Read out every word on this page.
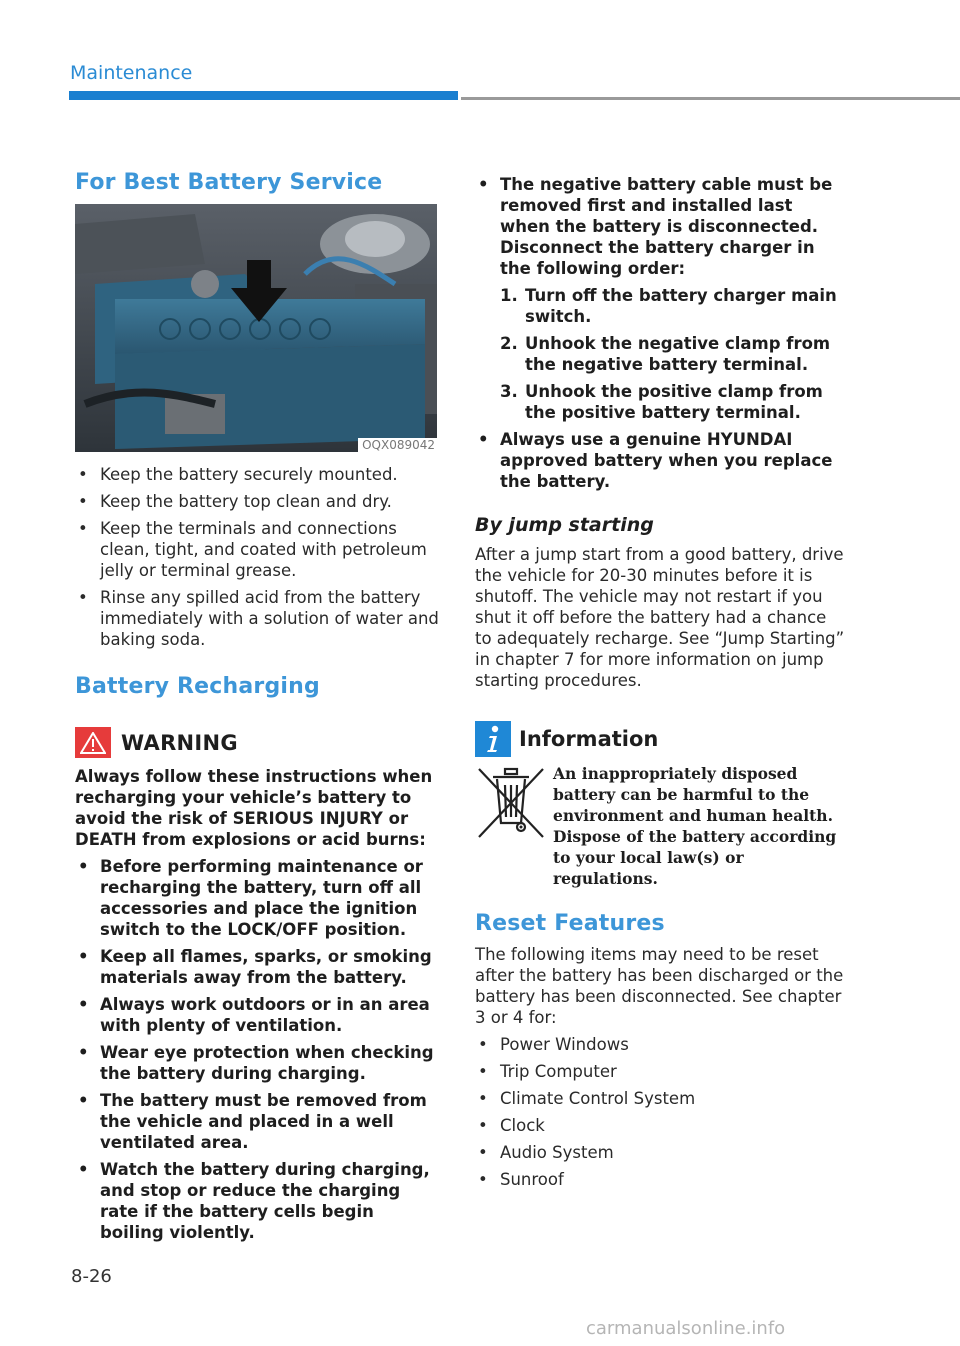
Maintenance
For Best Battery Service
OQX089042
• Keep the battery securely mounted.
• Keep the battery top clean and dry.
• Keep the terminals and connections clean, tight, and coated with petroleum jelly or terminal grease.
• Rinse any spilled acid from the battery immediately with a solution of water and baking soda.
Battery Recharging
WARNING

Always follow these instructions when recharging your vehicle’s battery to avoid the risk of SERIOUS INJURY or DEATH from explosions or acid burns:

• Before performing maintenance or recharging the battery, turn off all accessories and place the ignition switch to the LOCK/OFF position.
• Keep all flames, sparks, or smoking materials away from the battery.
• Always work outdoors or in an area with plenty of ventilation.
• Wear eye protection when checking the battery during charging.
• The battery must be removed from the vehicle and placed in a well ventilated area.
• Watch the battery during charging, and stop or reduce the charging rate if the battery cells begin boiling violently.
• The negative battery cable must be removed first and installed last when the battery is disconnected. Disconnect the battery charger in the following order:
1. Turn off the battery charger main switch.
2. Unhook the negative clamp from the negative battery terminal.
3. Unhook the positive clamp from the positive battery terminal.
• Always use a genuine HYUNDAI approved battery when you replace the battery.
By jump starting

After a jump start from a good battery, drive the vehicle for 20-30 minutes before it is shutoff. The vehicle may not restart if you shut it off before the battery had a chance to adequately recharge. See “Jump Starting” in chapter 7 for more information on jump starting procedures.

Information

An inappropriately disposed battery can be harmful to the environment and human health. Dispose of the battery according to your local law(s) or regulations.

Reset Features

The following items may need to be reset after the battery has been discharged or the battery has been disconnected. See chapter 3 or 4 for:

• Power Windows
• Trip Computer
• Climate Control System
• Clock
• Audio System
• Sunroof
8-26
carmanualsonline.info
